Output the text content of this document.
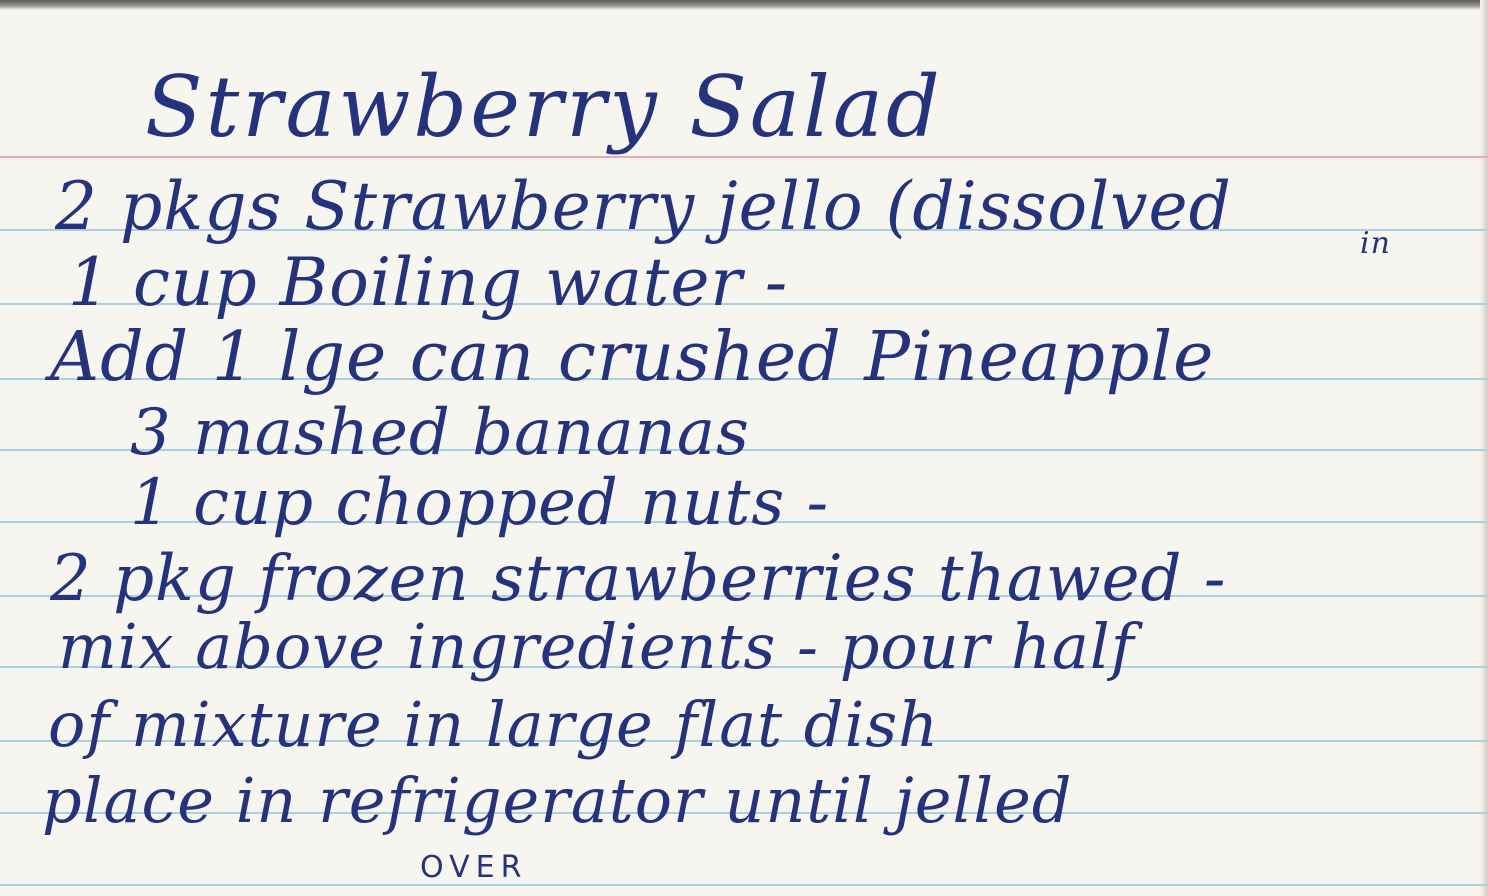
Strawberry Salad
2 pkgs Strawberry jello (dissolved	in
1 cup Boiling water -
Add 1 lge can crushed Pineapple
3 mashed bananas
1 cup chopped nuts -
2 pkg frozen strawberries thawed -
mix above ingredients - pour half
of mixture in large flat dish
place in refrigerator until jelled
OVER
